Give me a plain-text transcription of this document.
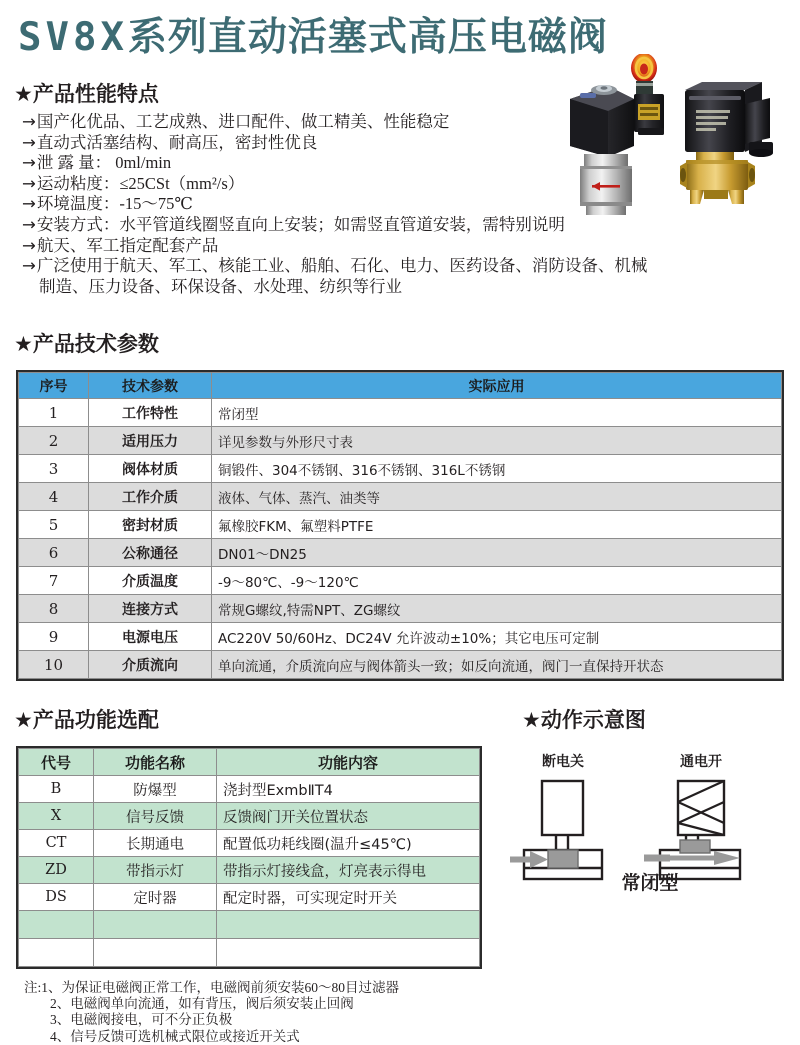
SV8X系列直动活塞式高压电磁阀
★产品性能特点
→ 国产化优品、工艺成熟、进口配件、做工精美、性能稳定
→ 直动式活塞结构、耐高压，密封性优良
→ 泄 露 量： 0ml/min
→ 运动粘度：≤25CSt（mm²/s）
→ 环境温度：-15～75℃
→ 安装方式：水平管道线圈竖直向上安装；如需竖直管道安装，需特别说明
→ 航天、军工指定配套产品
→ 广泛使用于航天、军工、核能工业、船舶、石化、电力、医药设备、消防设备、机械
制造、压力设备、环保设备、水处理、纺织等行业
★产品技术参数
序号	技术参数	实际应用
1	工作特性	常闭型
2	适用压力	详见参数与外形尺寸表
3	阀体材质	铜锻件、304不锈钢、316不锈钢、316L不锈钢
4	工作介质	液体、气体、蒸汽、油类等
5	密封材质	氟橡胶FKM、氟塑料PTFE
6	公称通径	DN01～DN25
7	介质温度	-9～80℃、-9～120℃
8	连接方式	常规G螺纹,特需NPT、ZG螺纹
9	电源电压	AC220V 50/60Hz、DC24V 允许波动±10%；其它电压可定制
10	介质流向	单向流通，介质流向应与阀体箭头一致；如反向流通，阀门一直保持开状态
★产品功能选配
代号	功能名称	功能内容
B	防爆型	浇封型ExmbⅡT4
X	信号反馈	反馈阀门开关位置状态
CT	长期通电	配置低功耗线圈(温升≤45℃)
ZD	带指示灯	带指示灯接线盒，灯亮表示得电
DS	定时器	配定时器，可实现定时开关

★动作示意图
断电关	通电开
常闭型
注:1、为保证电磁阀正常工作，电磁阀前须安装60～80目过滤器
2、电磁阀单向流通，如有背压，阀后须安装止回阀
3、电磁阀接电，可不分正负极
4、信号反馈可选机械式限位或接近开关式
